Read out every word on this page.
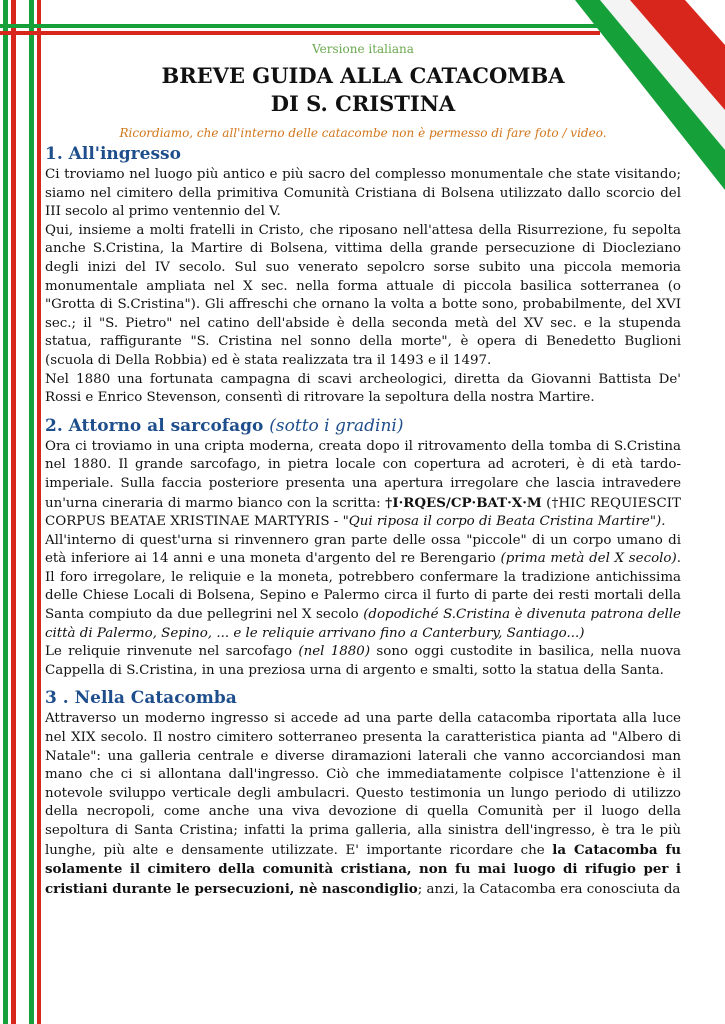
Versione italiana
BREVE GUIDA ALLA CATACOMBA
DI S. CRISTINA
Ricordiamo, che all'interno delle catacombe non è permesso di fare foto / video.
1. All'ingresso

Ci troviamo nel luogo più antico e più sacro del complesso monumentale che state visitando; siamo nel cimitero della primitiva Comunità Cristiana di Bolsena utilizzato dallo scorcio del III secolo al primo ventennio del V.

Qui, insieme a molti fratelli in Cristo, che riposano nell'attesa della Risurrezione, fu sepolta anche S.Cristina, la Martire di Bolsena, vittima della grande persecuzione di Diocleziano degli inizi del IV secolo. Sul suo venerato sepolcro sorse subito una piccola memoria monumentale ampliata nel X sec. nella forma attuale di piccola basilica sotterranea (o "Grotta di S.Cristina"). Gli affreschi che ornano la volta a botte sono, probabilmente, del XVI sec.; il "S. Pietro" nel catino dell'abside è della seconda metà del XV sec. e la stupenda statua, raffigurante "S. Cristina nel sonno della morte", è opera di Benedetto Buglioni (scuola di Della Robbia) ed è stata realizzata tra il 1493 e il 1497.

Nel 1880 una fortunata campagna di scavi archeologici, diretta da Giovanni Battista De' Rossi e Enrico Stevenson, consentì di ritrovare la sepoltura della nostra Martire.

2. Attorno al sarcofago (sotto i gradini)

Ora ci troviamo in una cripta moderna, creata dopo il ritrovamento della tomba di S.Cristina nel 1880. Il grande sarcofago, in pietra locale con copertura ad acroteri, è di età tardo-imperiale. Sulla faccia posteriore presenta una apertura irregolare che lascia intravedere un'urna cineraria di marmo bianco con la scritta: †I·RQES/CP·BAT·X·M (†HIC REQUIESCIT CORPUS BEATAE XRISTINAE MARTYRIS - "Qui riposa il corpo di Beata Cristina Martire").

All'interno di quest'urna si rinvennero gran parte delle ossa "piccole" di un corpo umano di età inferiore ai 14 anni e una moneta d'argento del re Berengario (prima metà del X secolo). Il foro irregolare, le reliquie e la moneta, potrebbero confermare la tradizione antichissima delle Chiese Locali di Bolsena, Sepino e Palermo circa il furto di parte dei resti mortali della Santa compiuto da due pellegrini nel X secolo (dopodiché S.Cristina è divenuta patrona delle città di Palermo, Sepino, ... e le reliquie arrivano fino a Canterbury, Santiago...)

Le reliquie rinvenute nel sarcofago (nel 1880) sono oggi custodite in basilica, nella nuova Cappella di S.Cristina, in una preziosa urna di argento e smalti, sotto la statua della Santa.

3 . Nella Catacomba

Attraverso un moderno ingresso si accede ad una parte della catacomba riportata alla luce nel XIX secolo. Il nostro cimitero sotterraneo presenta la caratteristica pianta ad "Albero di Natale": una galleria centrale e diverse diramazioni laterali che vanno accorciandosi man mano che ci si allontana dall'ingresso. Ciò che immediatamente colpisce l'attenzione è il notevole sviluppo verticale degli ambulacri. Questo testimonia un lungo periodo di utilizzo della necropoli, come anche una viva devozione di quella Comunità per il luogo della sepoltura di Santa Cristina; infatti la prima galleria, alla sinistra dell'ingresso, è tra le più lunghe, più alte e densamente utilizzate. E' importante ricordare che la Catacomba fu solamente il cimitero della comunità cristiana, non fu mai luogo di rifugio per i cristiani durante le persecuzioni, nè nascondiglio; anzi, la Catacomba era conosciuta da
